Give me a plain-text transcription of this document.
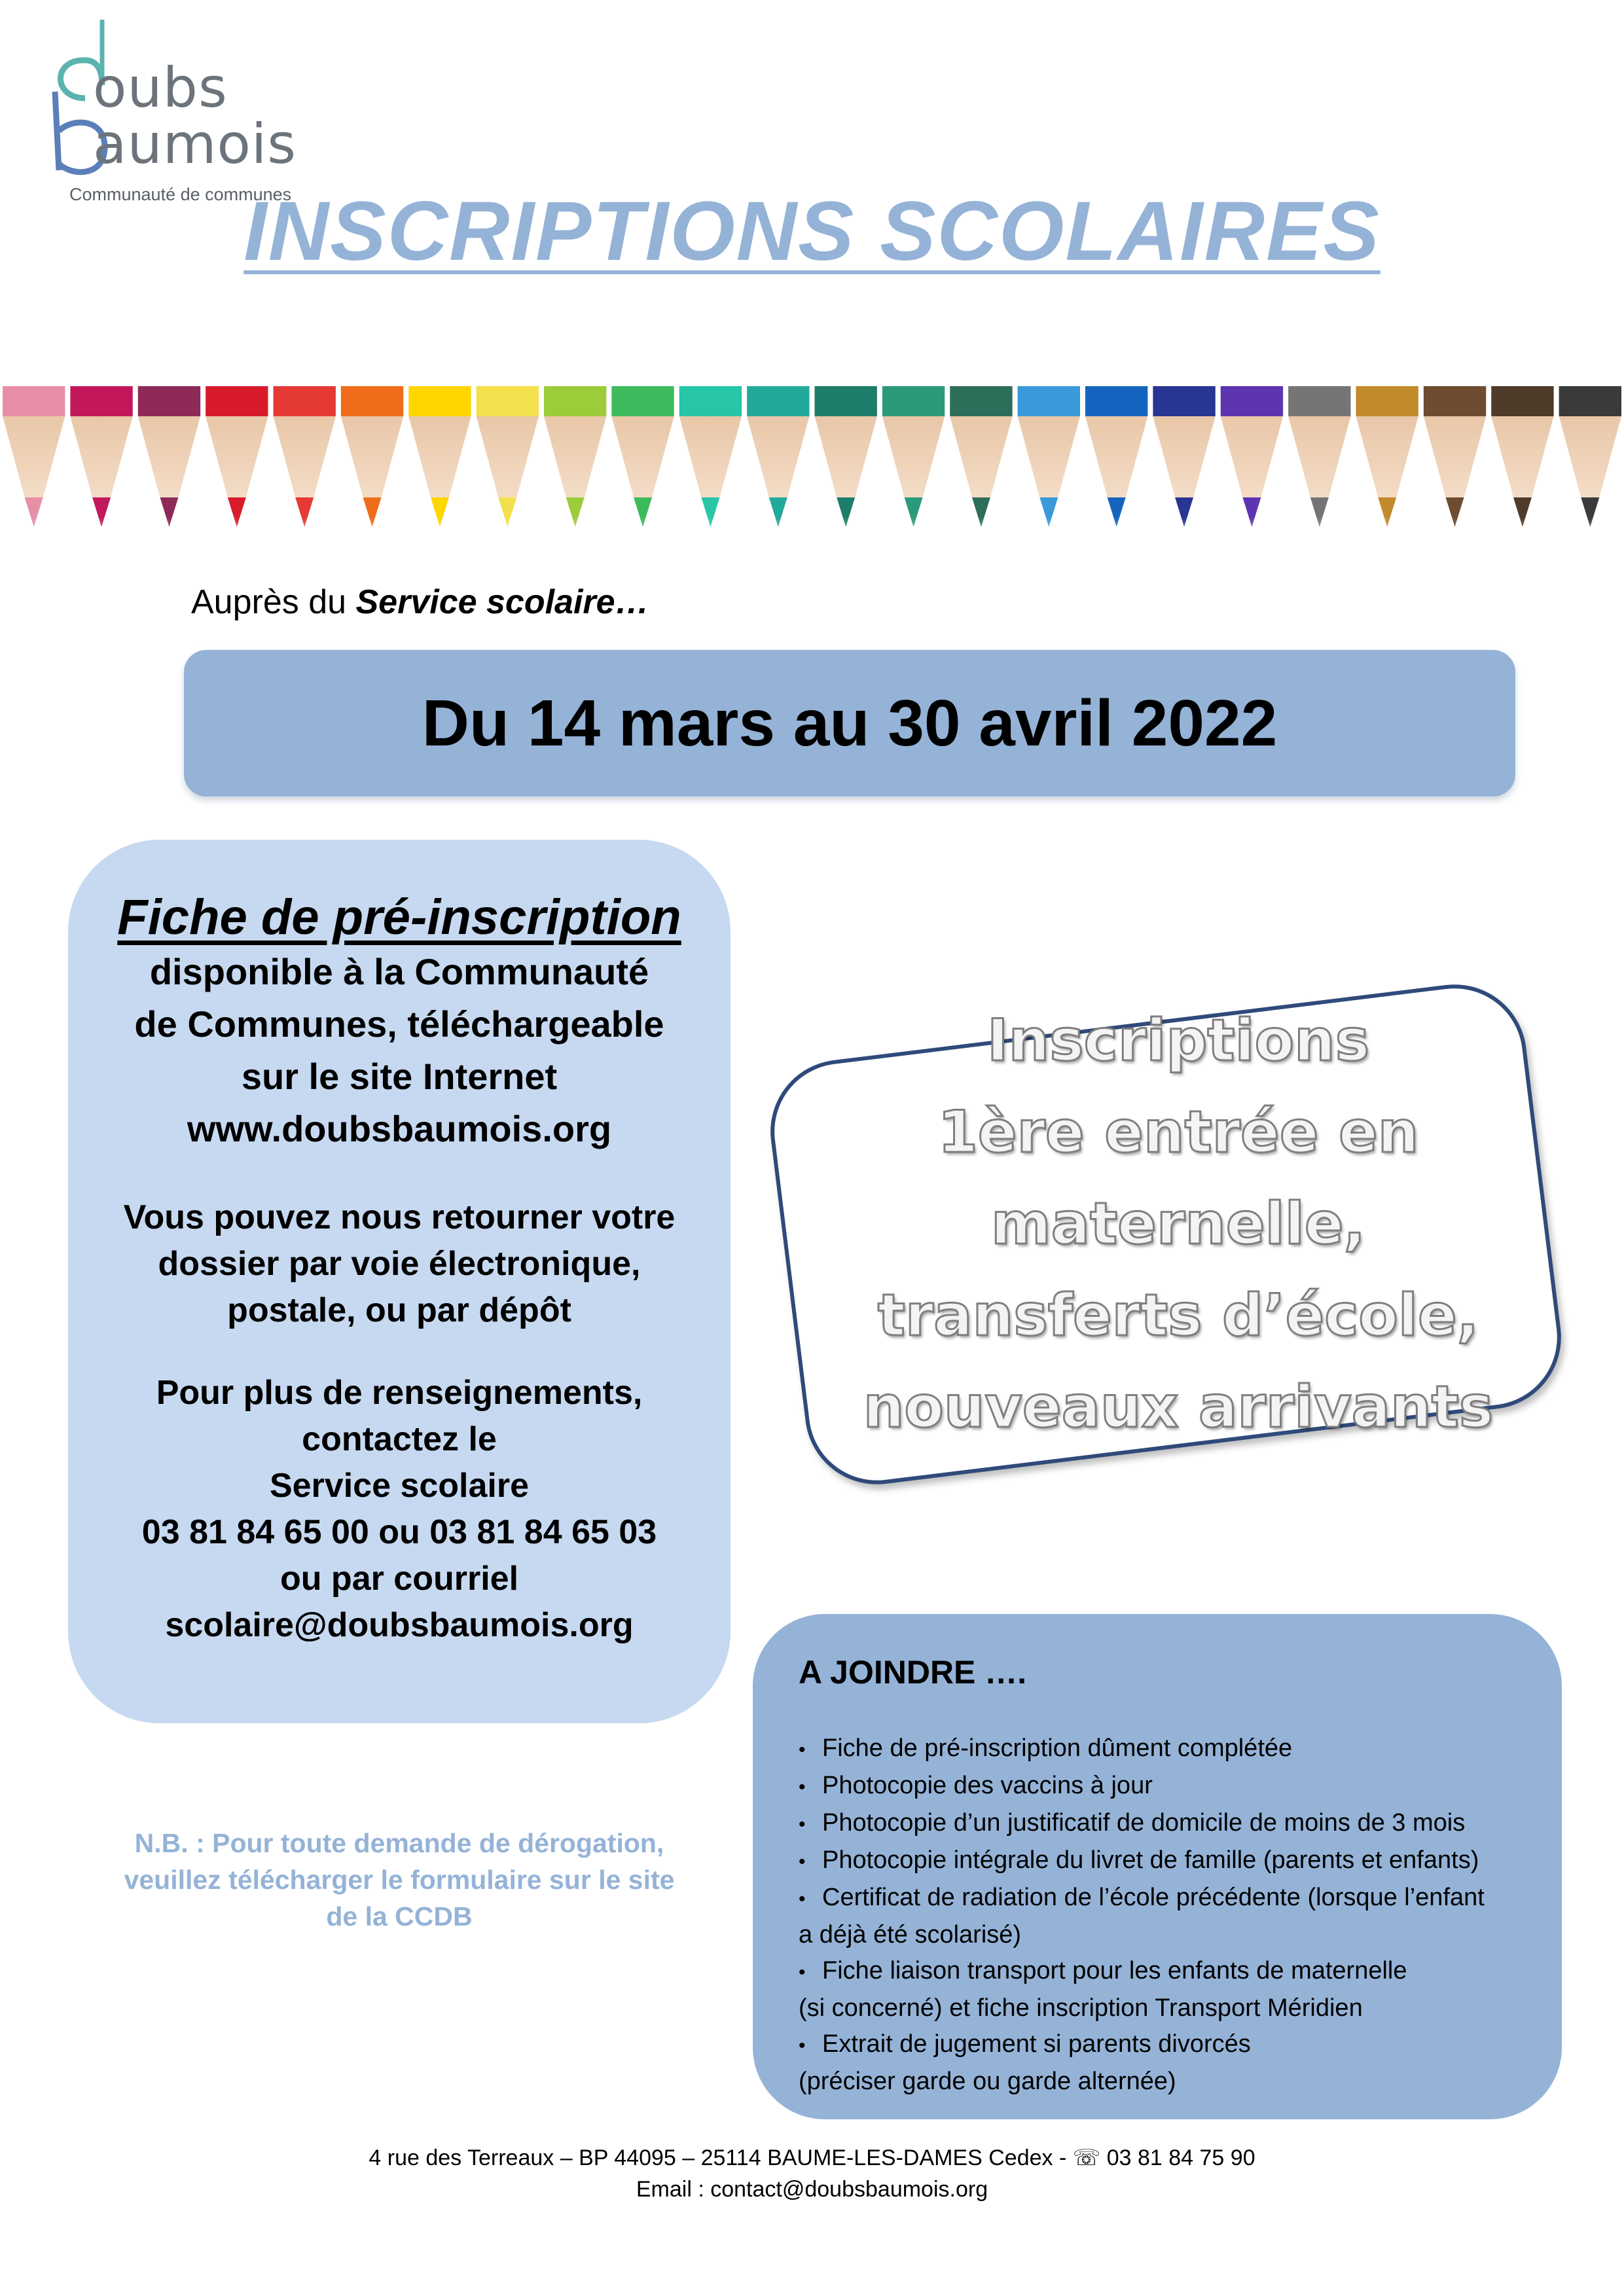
oubs
aumois
Communauté de communes
INSCRIPTIONS SCOLAIRES
Auprès du Service scolaire…
Du 14 mars au 30 avril 2022
Fiche de pré-inscription
disponible à la Communauté
de Communes, téléchargeable
sur le site Internet
www.doubsbaumois.org
Vous pouvez nous retourner votre
dossier par voie électronique,
postale, ou par dépôt
Pour plus de renseignements,
contactez le
Service scolaire
03 81 84 65 00 ou 03 81 84 65 03
ou par courriel
scolaire@doubsbaumois.org
N.B. : Pour toute demande de dérogation,
veuillez télécharger le formulaire sur le site
de la CCDB
Inscriptions
1ère entrée en
maternelle,
transferts d’école,
nouveaux arrivants
A JOINDRE ….
• Fiche de pré-inscription dûment complétée
• Photocopie des vaccins à jour
• Photocopie d’un justificatif de domicile de moins de 3 mois
• Photocopie intégrale du livret de famille (parents et enfants)
• Certificat de radiation de l’école précédente (lorsque l’enfant
a déjà été scolarisé)
• Fiche liaison transport pour les enfants de maternelle
(si concerné) et fiche inscription Transport Méridien
• Extrait de jugement si parents divorcés
(préciser garde ou garde alternée)
4 rue des Terreaux – BP 44095 – 25114 BAUME-LES-DAMES Cedex - ☏ 03 81 84 75 90
Email : contact@doubsbaumois.org
